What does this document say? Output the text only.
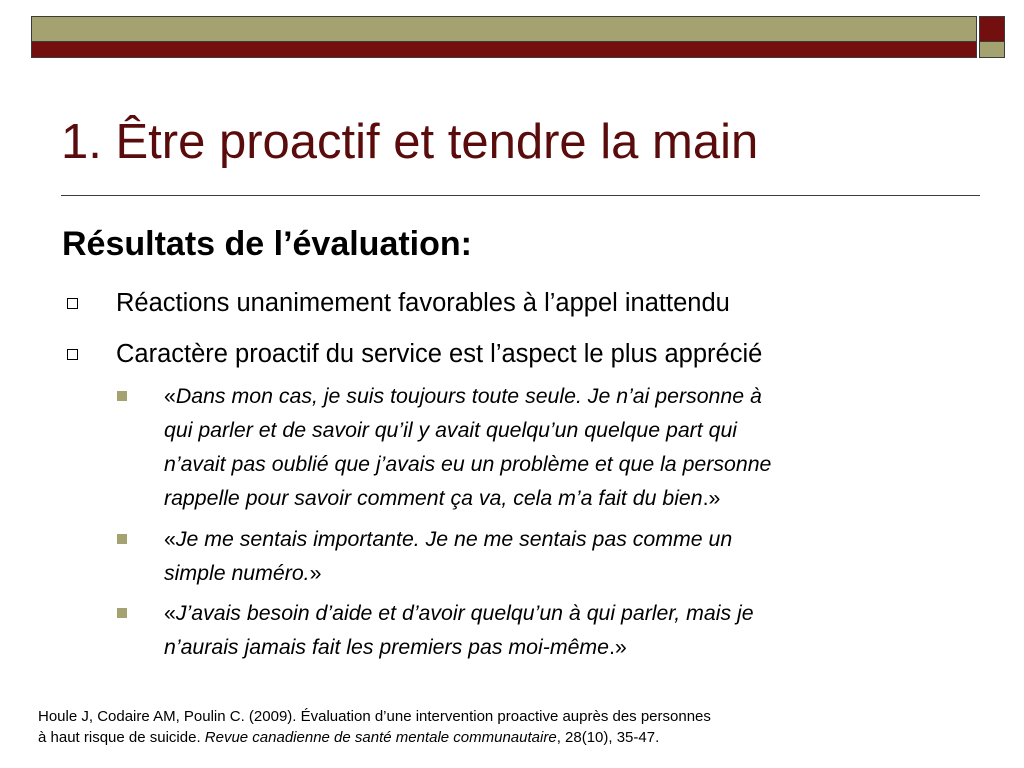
1. Être proactif et tendre la main
Résultats de l’évaluation:
Réactions unanimement favorables à l’appel inattendu
Caractère proactif du service est l’aspect le plus apprécié
«Dans mon cas, je suis toujours toute seule. Je n’ai personne à
qui parler et de savoir qu’il y avait quelqu’un quelque part qui
n’avait pas oublié que j’avais eu un problème et que la personne
rappelle pour savoir comment ça va, cela m’a fait du bien.»
«Je me sentais importante. Je ne me sentais pas comme un
simple numéro.»
«J’avais besoin d’aide et d’avoir quelqu’un à qui parler, mais je
n’aurais jamais fait les premiers pas moi-même.»
Houle J, Codaire AM, Poulin C. (2009). Évaluation d’une intervention proactive auprès des personnes
à haut risque de suicide. Revue canadienne de santé mentale communautaire, 28(10), 35-47.
